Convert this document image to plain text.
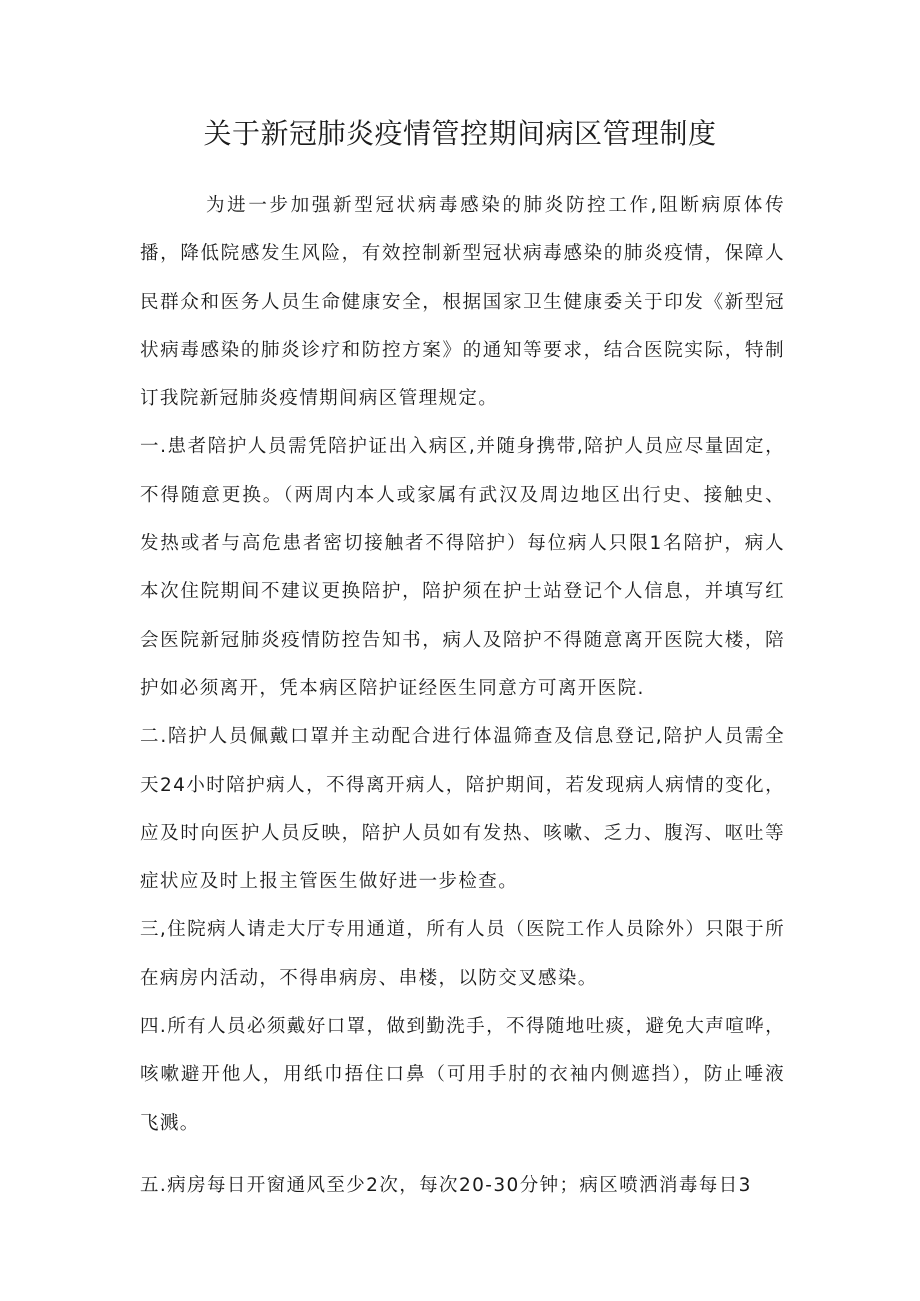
关于新冠肺炎疫情管控期间病区管理制度

为进一步加强新型冠状病毒感染的肺炎防控工作,阻断病原体传播，降低院感发生风险，有效控制新型冠状病毒感染的肺炎疫情，保障人民群众和医务人员生命健康安全，根据国家卫生健康委关于印发《新型冠状病毒感染的肺炎诊疗和防控方案》的通知等要求，结合医院实际，特制订我院新冠肺炎疫情期间病区管理规定。

一.患者陪护人员需凭陪护证出入病区,并随身携带,陪护人员应尽量固定，不得随意更换。（两周内本人或家属有武汉及周边地区出行史、接触史、发热或者与高危患者密切接触者不得陪护）每位病人只限1名陪护，病人本次住院期间不建议更换陪护，陪护须在护士站登记个人信息，并填写红会医院新冠肺炎疫情防控告知书，病人及陪护不得随意离开医院大楼，陪护如必须离开，凭本病区陪护证经医生同意方可离开医院.

二.陪护人员佩戴口罩并主动配合进行体温筛查及信息登记,陪护人员需全天24小时陪护病人，不得离开病人，陪护期间，若发现病人病情的变化，应及时向医护人员反映，陪护人员如有发热、咳嗽、乏力、腹泻、呕吐等症状应及时上报主管医生做好进一步检查。

三,住院病人请走大厅专用通道，所有人员（医院工作人员除外）只限于所在病房内活动，不得串病房、串楼，以防交叉感染。

四.所有人员必须戴好口罩，做到勤洗手，不得随地吐痰，避免大声喧哗，咳嗽避开他人，用纸巾捂住口鼻（可用手肘的衣袖内侧遮挡），防止唾液飞溅。

五.病房每日开窗通风至少2次，每次20-30分钟；病区喷洒消毒每日3
